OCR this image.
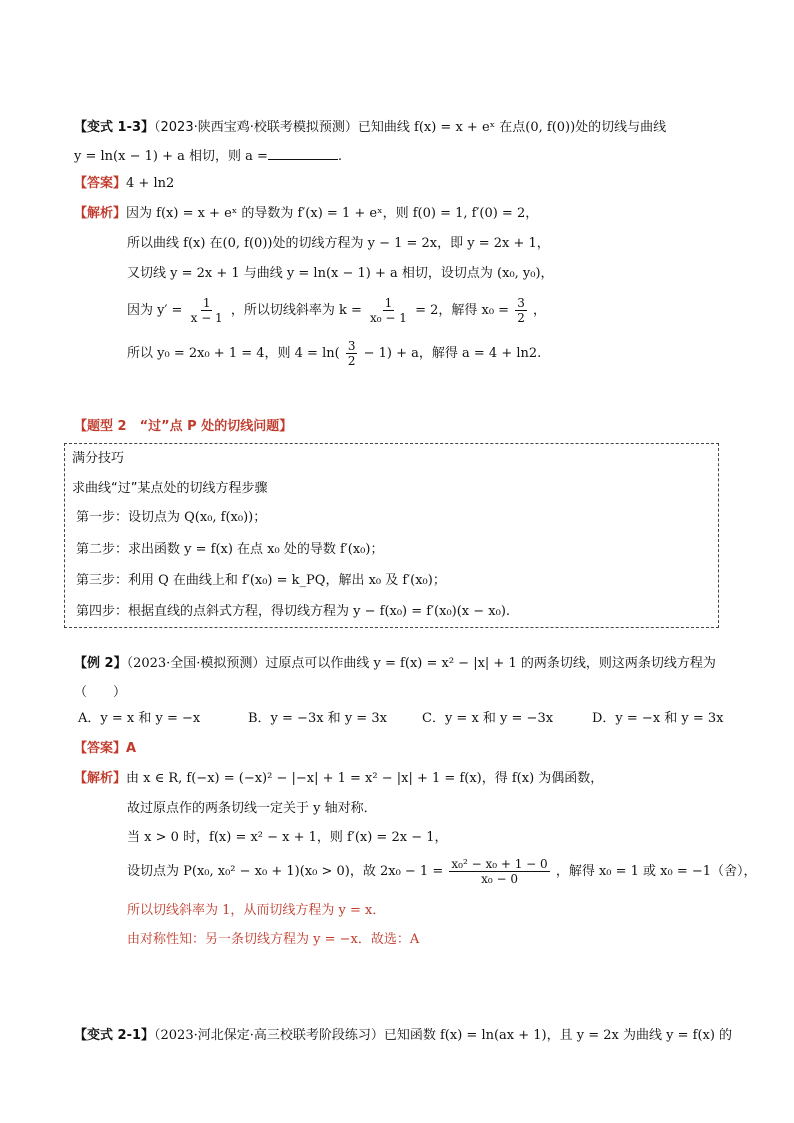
【变式 1-3】（2023·陕西宝鸡·校联考模拟预测）已知曲线 f(x) = x + eˣ 在点(0, f(0))处的切线与曲线
y = ln(x − 1) + a 相切，则 a =	.
【答案】4 + ln2
【解析】因为 f(x) = x + eˣ 的导数为 f′(x) = 1 + eˣ，则 f(0) = 1, f′(0) = 2，
所以曲线 f(x) 在(0, f(0))处的切线方程为 y − 1 = 2x，即 y = 2x + 1，
又切线 y = 2x + 1 与曲线 y = ln(x − 1) + a 相切，设切点为 (x₀, y₀)，
因为 $y' = \frac{1}{x - 1}$ ，所以切线斜率为 $k = \frac{1}{\text{x₀ − 1}} = 2$，解得 $x_0 = \frac{3}{2}$ ，
所以 y₀ = 2x₀ + 1 = 4，则 $4 = \ln( \frac{3}{2} - 1) + a$，解得 a = 4 + ln2.
【题型 2　“过”点 P 处的切线问题】
满分技巧
求曲线“过”某点处的切线方程步骤
第一步：设切点为 Q(x₀, f(x₀))；
第二步：求出函数 y = f(x) 在点 x₀ 处的导数 f′(x₀)；
第三步：利用 Q 在曲线上和 f′(x₀) = k_PQ，解出 x₀ 及 f′(x₀)；
第四步：根据直线的点斜式方程，得切线方程为 y − f(x₀) = f′(x₀)(x − x₀).
【例 2】（2023·全国·模拟预测）过原点可以作曲线 y = f(x) = x² − |x| + 1 的两条切线，则这两条切线方程为
（　　）
A．y = x 和 y = −x	B．y = −3x 和 y = 3x	C．y = x 和 y = −3x	D．y = −x 和 y = 3x
【答案】A
【解析】由 x ∈ R, f(−x) = (−x)² − |−x| + 1 = x² − |x| + 1 = f(x)，得 f(x) 为偶函数，
故过原点作的两条切线一定关于 y 轴对称．
当 x > 0 时，f(x) = x² − x + 1，则 f′(x) = 2x − 1，
设切点为 P(x₀, x₀² − x₀ + 1)(x₀ > 0)，故 $2x_0 - 1 = \frac{\text{x₀² − x₀ + 1 − 0}}{\text{x₀ − 0}}$ ，解得 x₀ = 1 或 x₀ = −1（舍），
所以切线斜率为 1，从而切线方程为 y = x．
由对称性知：另一条切线方程为 y = −x．故选：A
【变式 2-1】（2023·河北保定·高三校联考阶段练习）已知函数 f(x) = ln(ax + 1)，且 y = 2x 为曲线 y = f(x) 的
